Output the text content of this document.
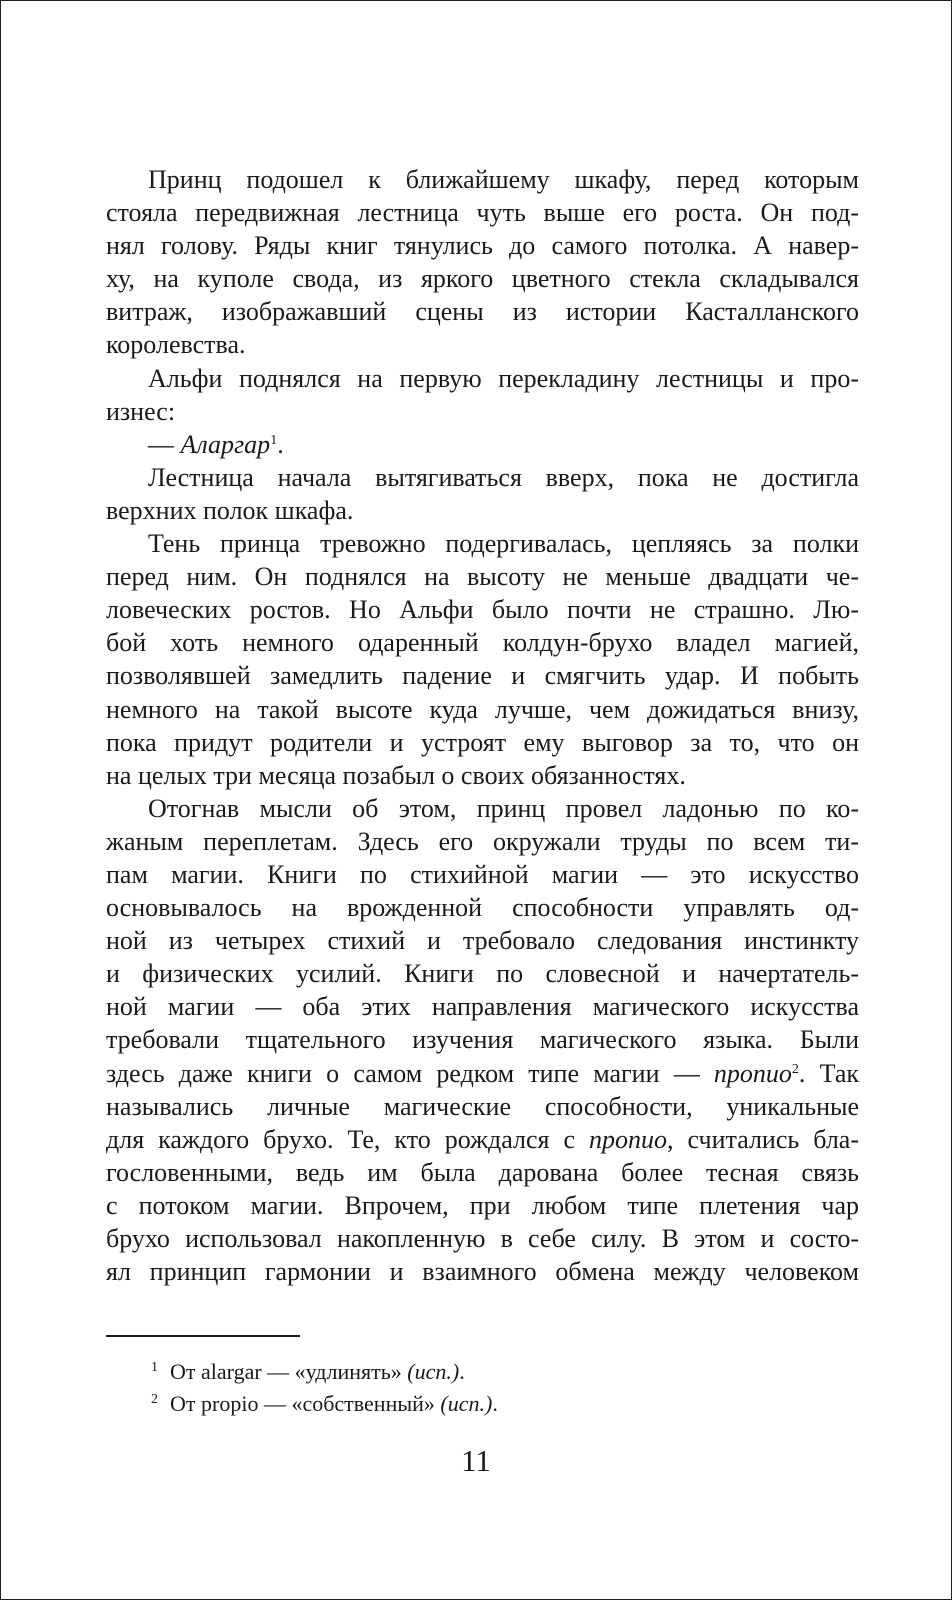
Принц подошел к ближайшему шкафу, перед которым
стояла передвижная лестница чуть выше его роста. Он под-
нял голову. Ряды книг тянулись до самого потолка. А навер-
ху, на куполе свода, из яркого цветного стекла складывался
витраж, изображавший сцены из истории Касталланского
королевства.
Альфи поднялся на первую перекладину лестницы и про-
изнес:
— Аларгар$^1$.
Лестница начала вытягиваться вверх, пока не достигла
верхних полок шкафа.
Тень принца тревожно подергивалась, цепляясь за полки
перед ним. Он поднялся на высоту не меньше двадцати че-
ловеческих ростов. Но Альфи было почти не страшно. Лю-
бой хоть немного одаренный колдун-брухо владел магией,
позволявшей замедлить падение и смягчить удар. И побыть
немного на такой высоте куда лучше, чем дожидаться внизу,
пока придут родители и устроят ему выговор за то, что он
на целых три месяца позабыл о своих обязанностях.
Отогнав мысли об этом, принц провел ладонью по ко-
жаным переплетам. Здесь его окружали труды по всем ти-
пам магии. Книги по стихийной магии — это искусство
основывалось на врожденной способности управлять од-
ной из четырех стихий и требовало следования инстинкту
и физических усилий. Книги по словесной и начертатель-
ной магии — оба этих направления магического искусства
требовали тщательного изучения магического языка. Были
здесь даже книги о самом редком типе магии — пропио$^2$. Так
назывались личные магические способности, уникальные
для каждого брухо. Те, кто рождался с пропио, считались бла-
гословенными, ведь им была дарована более тесная связь
с потоком магии. Впрочем, при любом типе плетения чар
брухо использовал накопленную в себе силу. В этом и состо-
ял принцип гармонии и взаимного обмена между человеком
$^1$ От alargar — «удлинять» (исп.).
$^2$ От propio — «собственный» (исп.).
11
